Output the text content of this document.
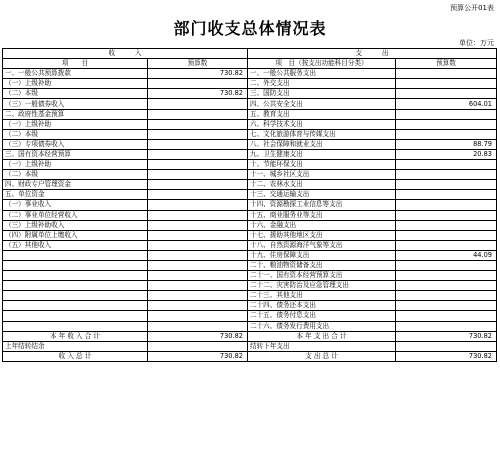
预算公开01表
部门收支总体情况表
单位：万元
收　　　入		支　　　出	
项　　目	预算数	项　目（按支出功能科目分类）	预算数
一、一般公共预算拨款	730.82	一、一般公共服务支出	
（一）上级补助		二、外交支出	
（二）本级	730.82	三、国防支出	
（三）一般债券收入		四、公共安全支出	604.01
二、政府性基金预算		五、教育支出	
（一）上级补助		六、科学技术支出	
（二）本级		七、文化旅游体育与传媒支出	
（三）专项债券收入		八、社会保障和就业支出	88.79
三、国有资本经营预算		九、卫生健康支出	20.83
（一）上级补助		十、节能环保支出	
（二）本级		十一、城乡社区支出	
四、财政专户管理资金		十二、农林水支出	
五、单位资金		十三、交通运输支出	
（一）事业收入		十四、资源勘探工业信息等支出	
（二）事业单位经营收入		十五、商业服务业等支出	
（三）上级补助收入		十六、金融支出	
（四）附属单位上缴收入		十七、援助其他地区支出	
（五）其他收入		十八、自然资源海洋气象等支出	
		十九、住房保障支出	44.09
		二十、粮油物资储备支出	
		二十一、国有资本经营预算支出	
		二十二、灾害防治及应急管理支出	
		二十三、其他支出	
		二十四、债务还本支出	
		二十五、债务付息支出	
		二十六、债务发行费用支出	
本 年 收 入 合 计	730.82	本 年 支 出 合 计	730.82
上年结转结余		结转下年支出	
收 入 总 计	730.82	支 出 总 计	730.82
